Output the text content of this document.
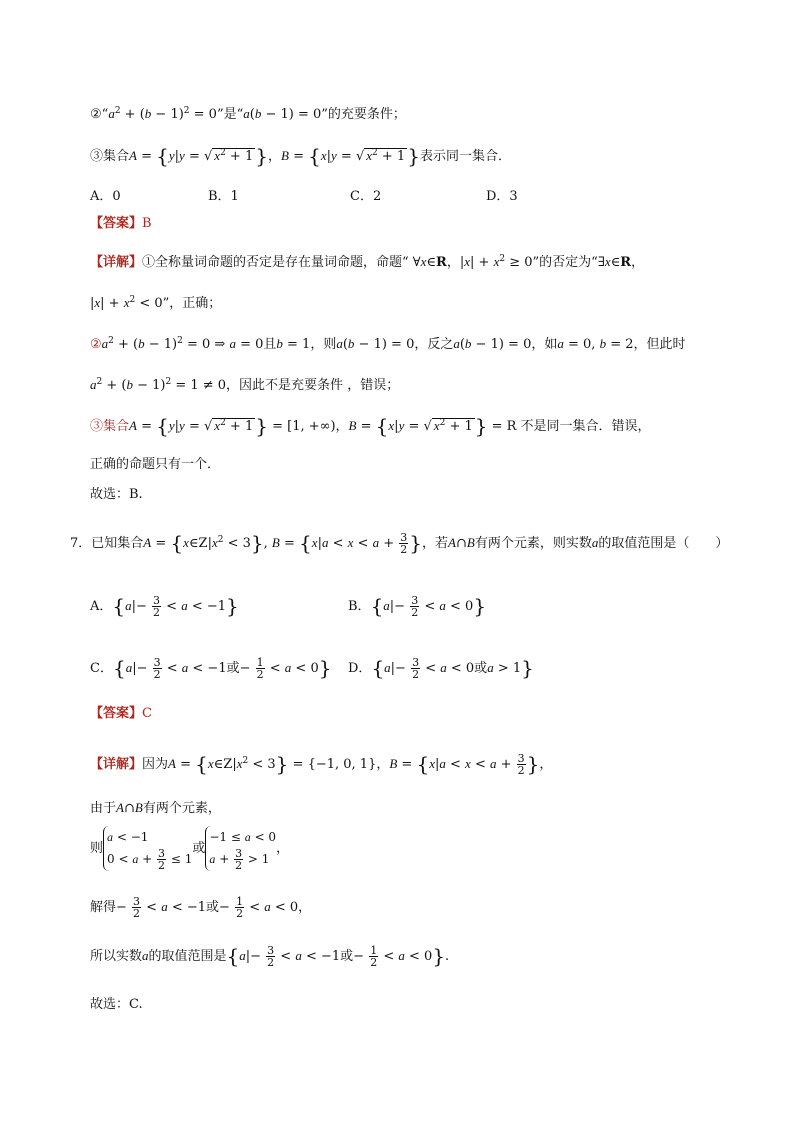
$②“a^2 + (b - 1)^2 = 0$”是“a(b − 1) = 0”的充要条件；
③集合A = {y|y = √ $x^2 + 1$ }，B = {x|y = √ $x^2 + 1$ }表示同一集合．
A．0	B．1	C．2	D．3
【答案】B
【详解】①全称量词命题的否定是存在量词命题，命题“ ∀x∈R，$|x| + x^2 \ge 0$”的否定为“∃x∈R，
$|x| + x^2 < 0$”，正确；
$②a^2 + (b - 1)^2 = 0$ ⇒ a = 0且b = 1，则a(b − 1) = 0，反之a(b − 1) = 0，如a = 0, b = 2，但此时
$a^2 + (b - 1)^2 = 1 \ne 0$，因此不是充要条件 ，错误；
③集合A = {y|y = √ $x^2 + 1$ } = [1, +∞)，B = {x|y = √ $x^2 + 1$ } = R 不是同一集合．错误，
正确的命题只有一个．
故选：B.
7．已知集合$A = \{x\in Z|x^2 < 3\}$, $B = \{x|a < x < a + \frac{3}{2}$ }，若A∩B有两个元素，则实数a的取值范围是（　　）
A．$\{a|- \frac{3}{2} < a < -1\}$	B．$\{a|- \frac{3}{2} < a < 0\}$
C．{$a|- \frac{3}{2} < a < -1$或− $\frac{1}{2} < a < 0$} D．{$a|- \frac{3}{2} < a < 0$或a > 1}
【答案】C
【详解】因为$A = \{x\in Z|x^2 < 3\} = \{-1$, 0, 1}，$B = \{x|a < x < a + \frac{3}{2}$ }，
由于A∩B有两个元素，
则
a < −1
$0 < a + \frac{3}{2} \le 1$
或
−1 ≤ a < 0
$a + \frac{3}{2} > 1$
，
解得− $\frac{3}{2} < a < -1$或− $\frac{1}{2} < a < 0$，
所以实数a的取值范围是{$a|- \frac{3}{2} < a < -1$或− $\frac{1}{2} < a < 0$}.
故选：C.
